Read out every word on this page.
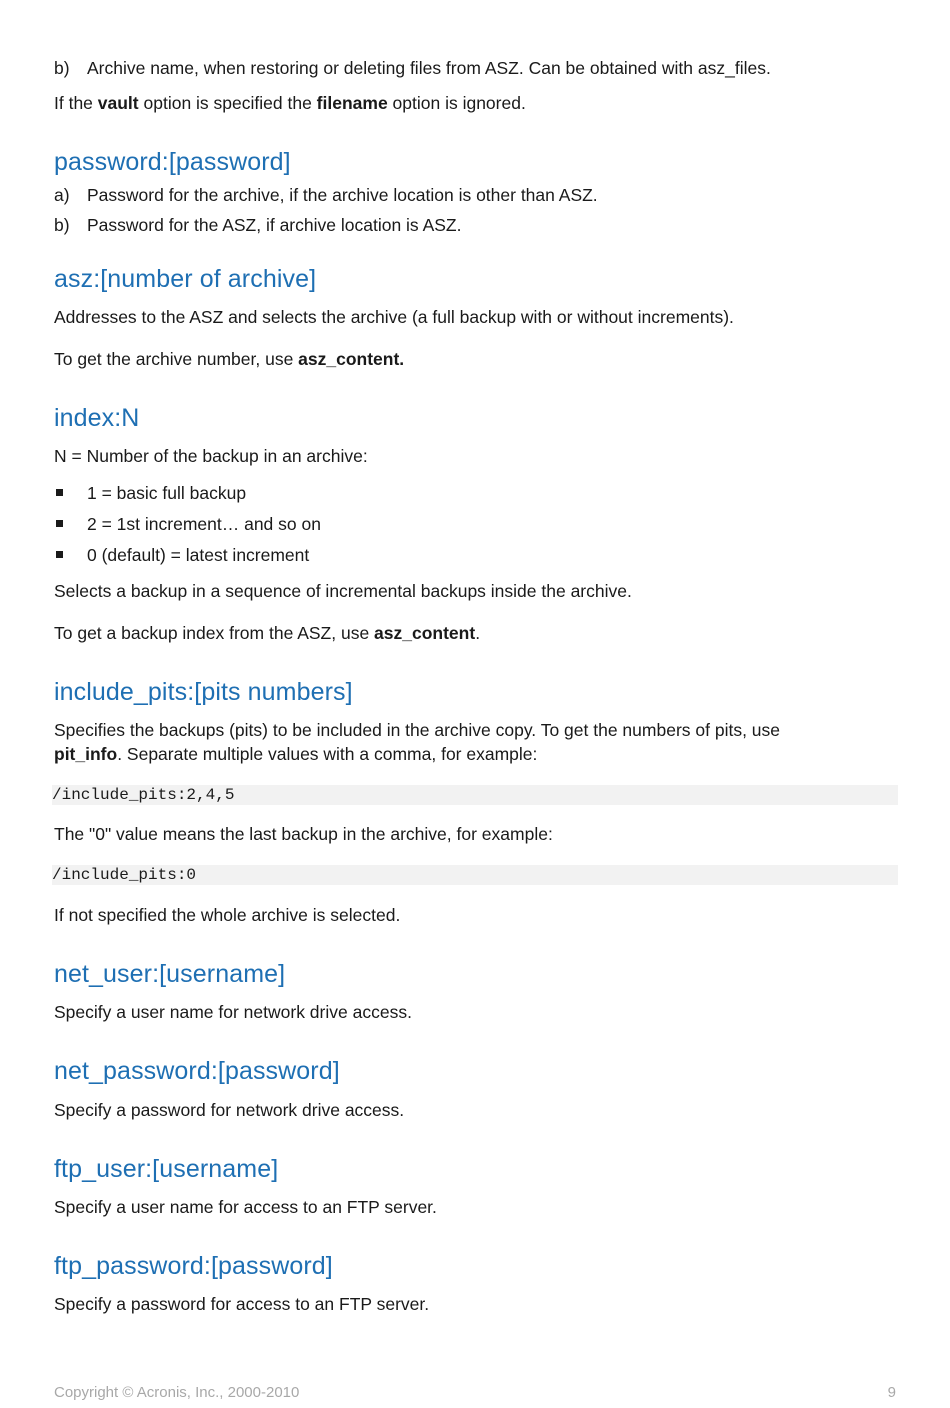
b) Archive name, when restoring or deleting files from ASZ. Can be obtained with asz_files.

If the vault option is specified the filename option is ignored.

password:[password]
a) Password for the archive, if the archive location is other than ASZ.
b) Password for the ASZ, if archive location is ASZ.
asz:[number of archive]

Addresses to the ASZ and selects the archive (a full backup with or without increments).

To get the archive number, use asz_content.

index:N

N = Number of the backup in an archive:

1 = basic full backup
2 = 1st increment… and so on
0 (default) = latest increment

Selects a backup in a sequence of incremental backups inside the archive.

To get a backup index from the ASZ, use asz_content.

include_pits:[pits numbers]

Specifies the backups (pits) to be included in the archive copy. To get the numbers of pits, use

pit_info. Separate multiple values with a comma, for example:

/include_pits:2,4,5

The "0" value means the last backup in the archive, for example:

/include_pits:0

If not specified the whole archive is selected.

net_user:[username]

Specify a user name for network drive access.

net_password:[password]

Specify a password for network drive access.

ftp_user:[username]

Specify a user name for access to an FTP server.

ftp_password:[password]

Specify a password for access to an FTP server.

Copyright © Acronis, Inc., 2000-2010	9
